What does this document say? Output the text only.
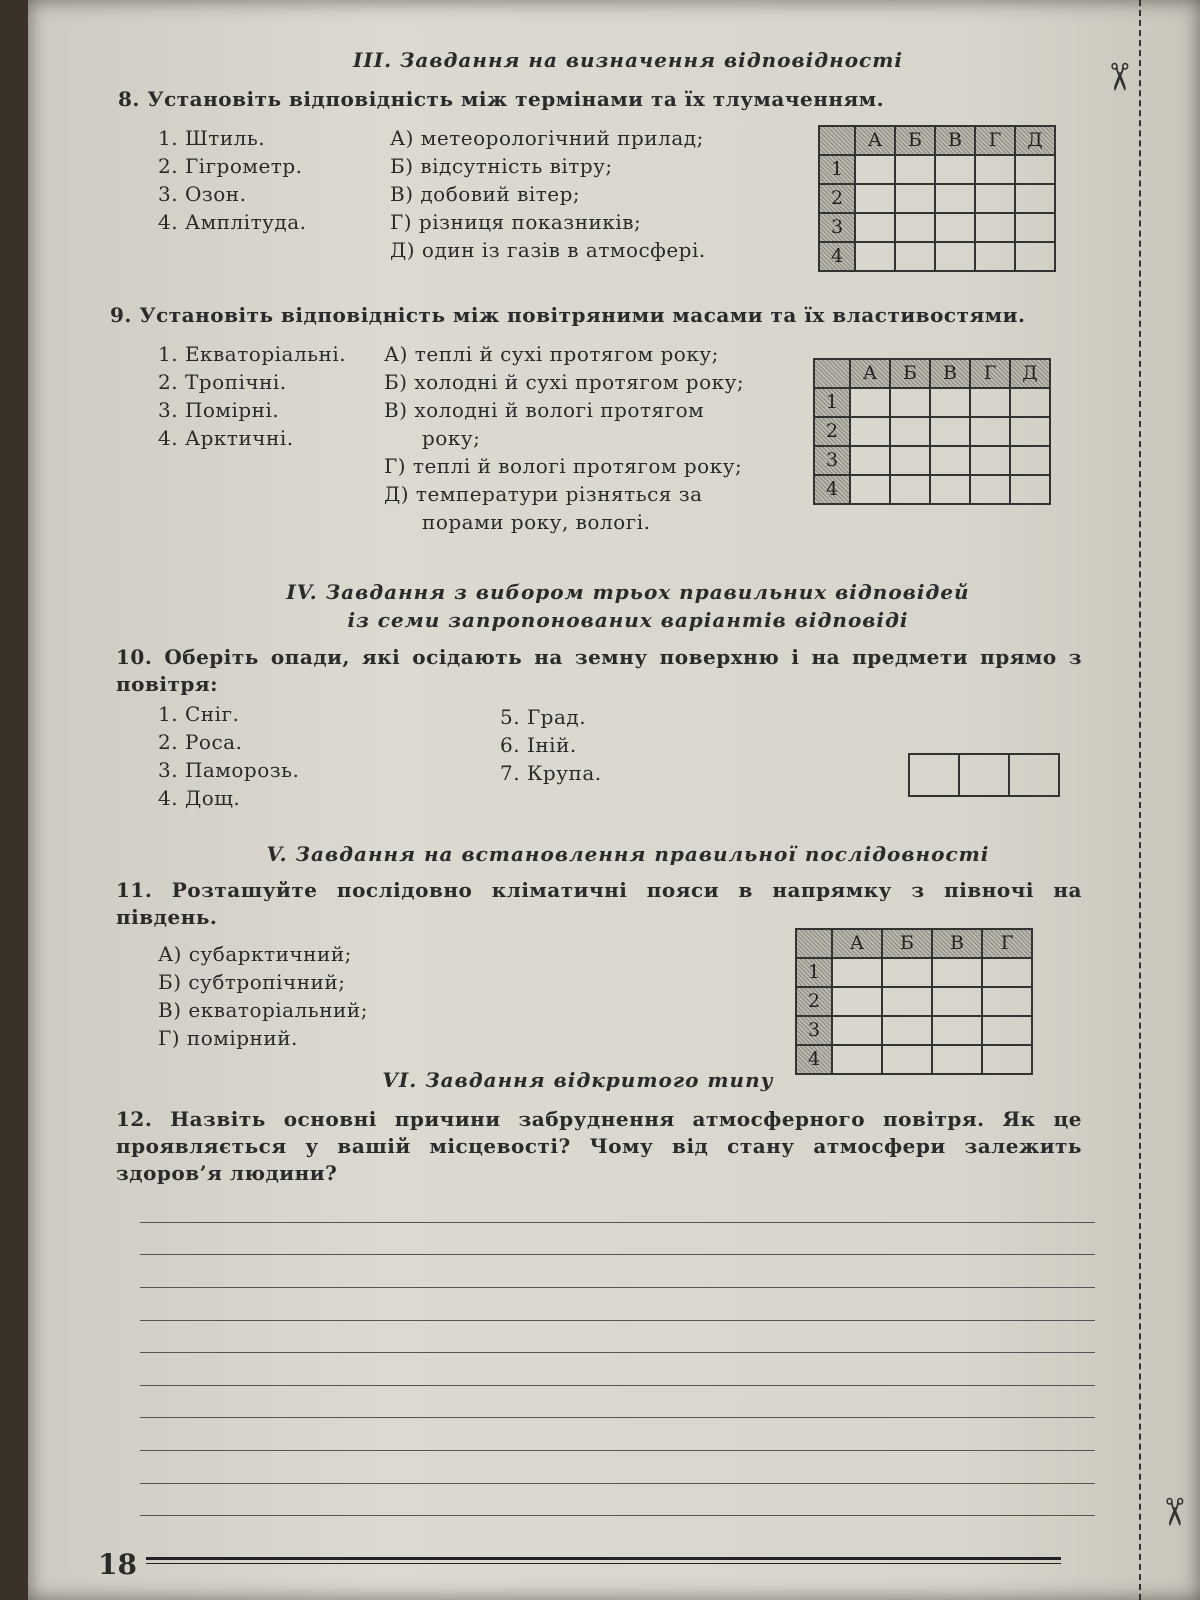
✂
✂
III. Завдання на визначення відповідності
8. Установіть відповідність між термінами та їх тлумаченням.
1. Штиль.
2. Гігрометр.
3. Озон.
4. Амплітуда.
А) метеорологічний прилад;
Б) відсутність вітру;
В) добовий вітер;
Г) різниця показників;
Д) один із газів в атмосфері.
	А	Б	В	Г	Д
1					
2					
3					
4					
9. Установіть відповідність між повітряними масами та їх властивостями.
1. Екваторіальні.
2. Тропічні.
3. Помірні.
4. Арктичні.
А) теплі й сухі протягом року;
Б) холодні й сухі протягом року;
В) холодні й вологі протягом
року;
Г) теплі й вологі протягом року;
Д) температури різняться за
порами року, вологі.
	А	Б	В	Г	Д
1					
2					
3					
4					
IV. Завдання з вибором трьох правильних відповідей
із семи запропонованих варіантів відповіді
10. Оберіть опади, які осідають на земну поверхню і на предмети прямо з повітря:
1. Сніг.
2. Роса.
3. Паморозь.
4. Дощ.
5. Град.
6. Іній.
7. Крупа.
V. Завдання на встановлення правильної послідовності
11. Розташуйте послідовно кліматичні пояси в напрямку з півночі на південь.
А) субарктичний;
Б) субтропічний;
В) екваторіальний;
Г) помірний.
	А	Б	В	Г
1				
2				
3				
4				
VI. Завдання відкритого типу
12. Назвіть основні причини забруднення атмосферного повітря. Як це проявляється у вашій місцевості? Чому від стану атмосфери залежить здоров’я людини?
18
